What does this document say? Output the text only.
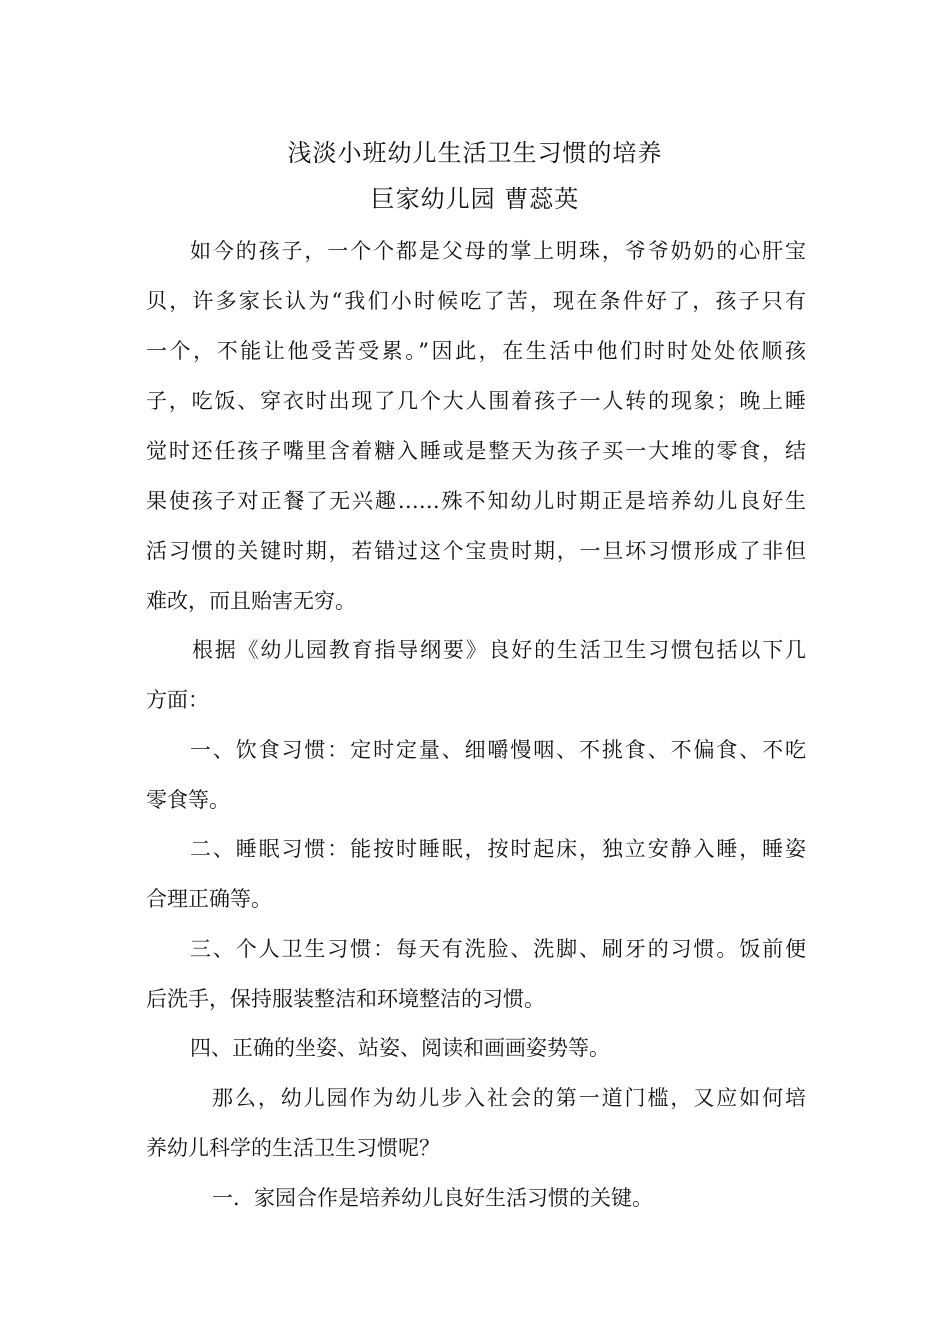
浅淡小班幼儿生活卫生习惯的培养
巨家幼儿园 曹蕊英
如今的孩子，一个个都是父母的掌上明珠，爷爷奶奶的心肝宝
贝，许多家长认为“我们小时候吃了苦，现在条件好了，孩子只有
一个，不能让他受苦受累。”因此，在生活中他们时时处处依顺孩
子，吃饭、穿衣时出现了几个大人围着孩子一人转的现象；晚上睡
觉时还任孩子嘴里含着糖入睡或是整天为孩子买一大堆的零食，结
果使孩子对正餐了无兴趣……殊不知幼儿时期正是培养幼儿良好生
活习惯的关键时期，若错过这个宝贵时期，一旦坏习惯形成了非但
难改，而且贻害无穷。
根据《幼儿园教育指导纲要》良好的生活卫生习惯包括以下几
方面：
一、饮食习惯：定时定量、细嚼慢咽、不挑食、不偏食、不吃
零食等。
二、睡眠习惯：能按时睡眠，按时起床，独立安静入睡，睡姿
合理正确等。
三、个人卫生习惯：每天有洗脸、洗脚、刷牙的习惯。饭前便
后洗手，保持服装整洁和环境整洁的习惯。
四、正确的坐姿、站姿、阅读和画画姿势等。
那么，幼儿园作为幼儿步入社会的第一道门槛，又应如何培
养幼儿科学的生活卫生习惯呢？
一．家园合作是培养幼儿良好生活习惯的关键。
